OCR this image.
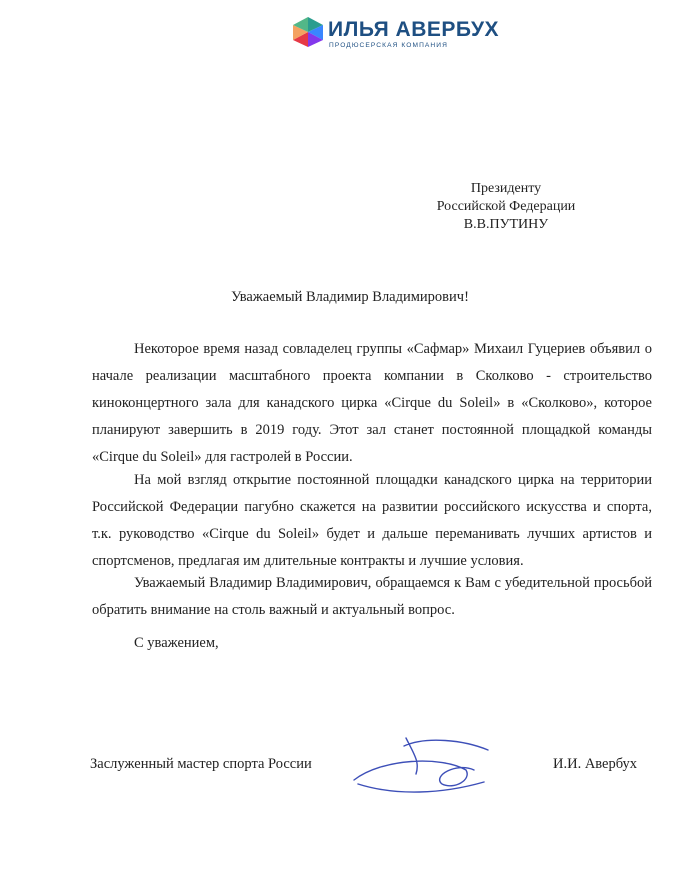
ИЛЬЯ АВЕРБУХ
ПРОДЮСЕРСКАЯ КОМПАНИЯ
Президенту
Российской Федерации
В.В.ПУТИНУ
Уважаемый Владимир Владимирович!

Некоторое время назад совладелец группы «Сафмар» Михаил Гуцериев объявил о начале реализации масштабного проекта компании в Сколково - строительство киноконцертного зала для канадского цирка «Cirque du Soleil» в «Сколково», которое планируют завершить в 2019 году. Этот зал станет постоянной площадкой команды «Cirque du Soleil» для гастролей в России.

На мой взгляд открытие постоянной площадки канадского цирка на территории Российской Федерации пагубно скажется на развитии российского искусства и спорта, т.к. руководство «Cirque du Soleil» будет и дальше переманивать лучших артистов и спортсменов, предлагая им длительные контракты и лучшие условия.

Уважаемый Владимир Владимирович, обращаемся к Вам с убедительной просьбой обратить внимание на столь важный и актуальный вопрос.

С уважением,
Заслуженный мастер спорта России	И.И. Авербух
